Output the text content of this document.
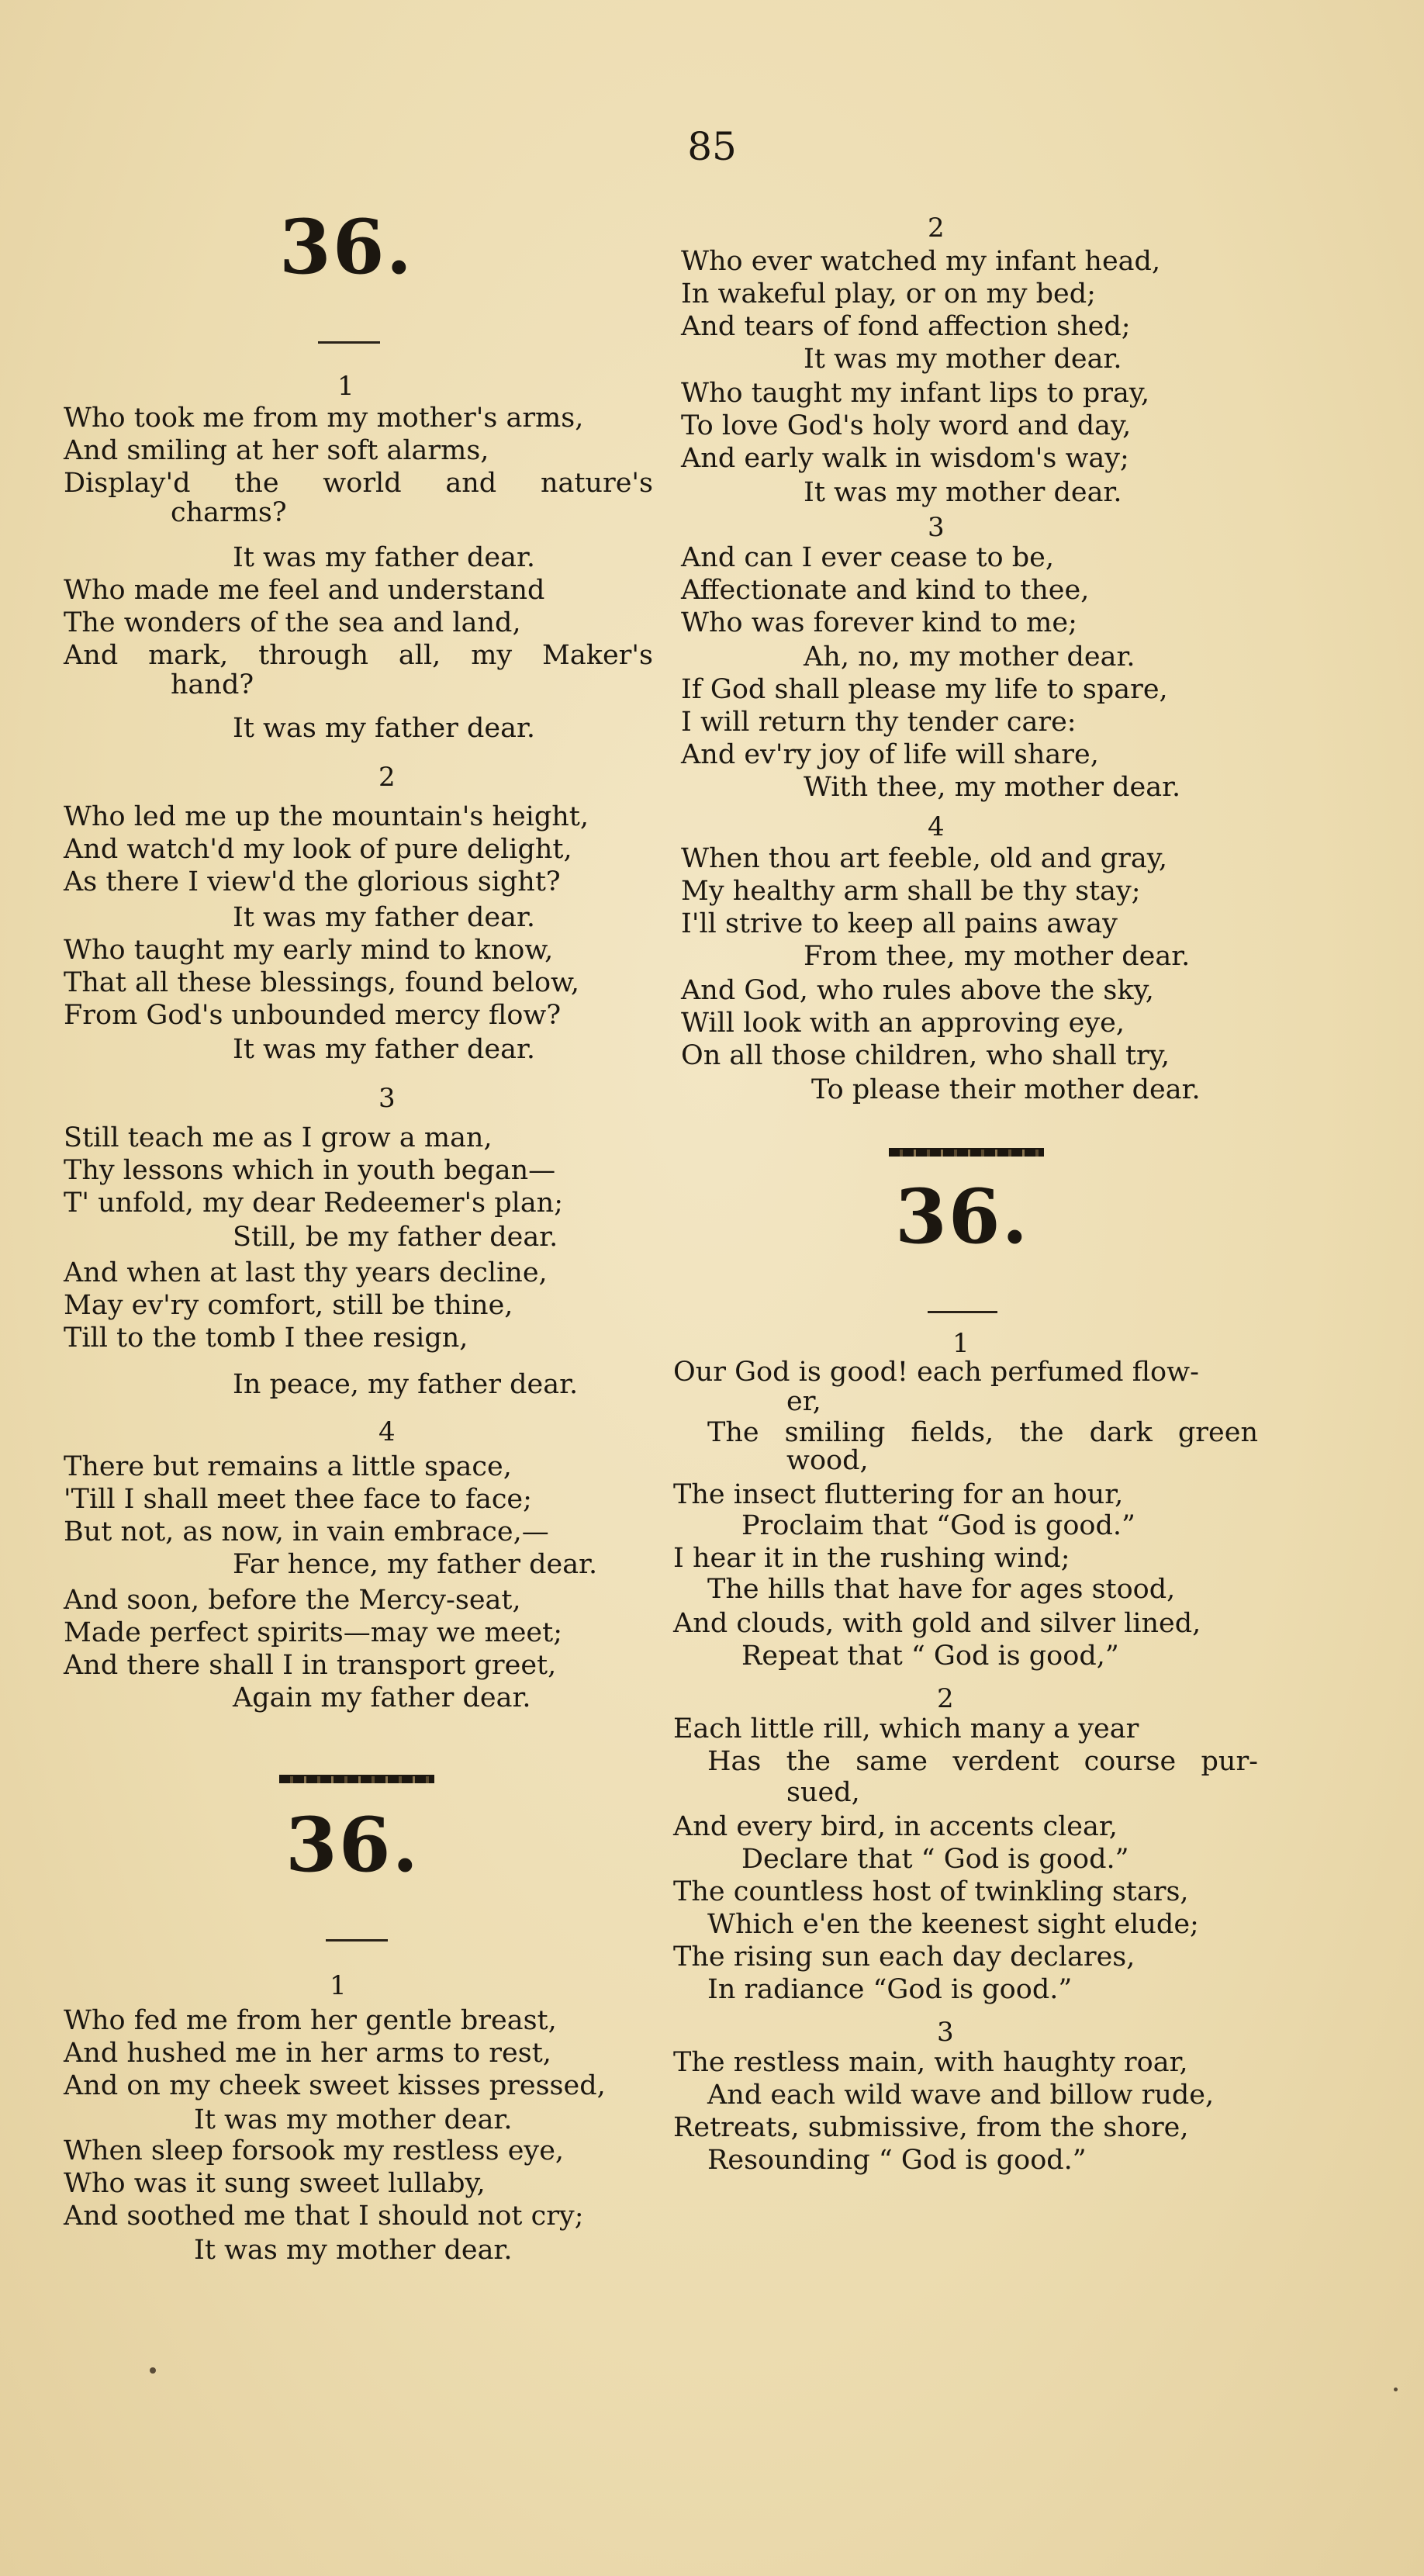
85
36.
1
Who took me from my mother's arms,
And smiling at her soft alarms,
Display'd the world and nature's
charms?
It was my father dear.
Who made me feel and understand
The wonders of the sea and land,
And mark, through all, my Maker's
hand?
It was my father dear.
2
Who led me up the mountain's height,
And watch'd my look of pure delight,
As there I view'd the glorious sight?
It was my father dear.
Who taught my early mind to know,
That all these blessings, found below,
From God's unbounded mercy flow?
It was my father dear.
3
Still teach me as I grow a man,
Thy lessons which in youth began—
T' unfold, my dear Redeemer's plan;
Still, be my father dear.
And when at last thy years decline,
May ev'ry comfort, still be thine,
Till to the tomb I thee resign,
In peace, my father dear.
4
There but remains a little space,
'Till I shall meet thee face to face;
But not, as now, in vain embrace,—
Far hence, my father dear.
And soon, before the Mercy-seat,
Made perfect spirits—may we meet;
And there shall I in transport greet,
Again my father dear.
36.
1
Who fed me from her gentle breast,
And hushed me in her arms to rest,
And on my cheek sweet kisses pressed,
It was my mother dear.
When sleep forsook my restless eye,
Who was it sung sweet lullaby,
And soothed me that I should not cry;
It was my mother dear.
2
Who ever watched my infant head,
In wakeful play, or on my bed;
And tears of fond affection shed;
It was my mother dear.
Who taught my infant lips to pray,
To love God's holy word and day,
And early walk in wisdom's way;
It was my mother dear.
3
And can I ever cease to be,
Affectionate and kind to thee,
Who was forever kind to me;
Ah, no, my mother dear.
If God shall please my life to spare,
I will return thy tender care:
And ev'ry joy of life will share,
With thee, my mother dear.
4
When thou art feeble, old and gray,
My healthy arm shall be thy stay;
I'll strive to keep all pains away
From thee, my mother dear.
And God, who rules above the sky,
Will look with an approving eye,
On all those children, who shall try,
To please their mother dear.
36.
1
Our God is good! each perfumed flow-
er,
The smiling fields, the dark green
wood,
The insect fluttering for an hour,
Proclaim that “God is good.”
I hear it in the rushing wind;
The hills that have for ages stood,
And clouds, with gold and silver lined,
Repeat that “ God is good,”
2
Each little rill, which many a year
Has the same verdent course pur-
sued,
And every bird, in accents clear,
Declare that “ God is good.”
The countless host of twinkling stars,
Which e'en the keenest sight elude;
The rising sun each day declares,
In radiance “God is good.”
3
The restless main, with haughty roar,
And each wild wave and billow rude,
Retreats, submissive, from the shore,
Resounding “ God is good.”
